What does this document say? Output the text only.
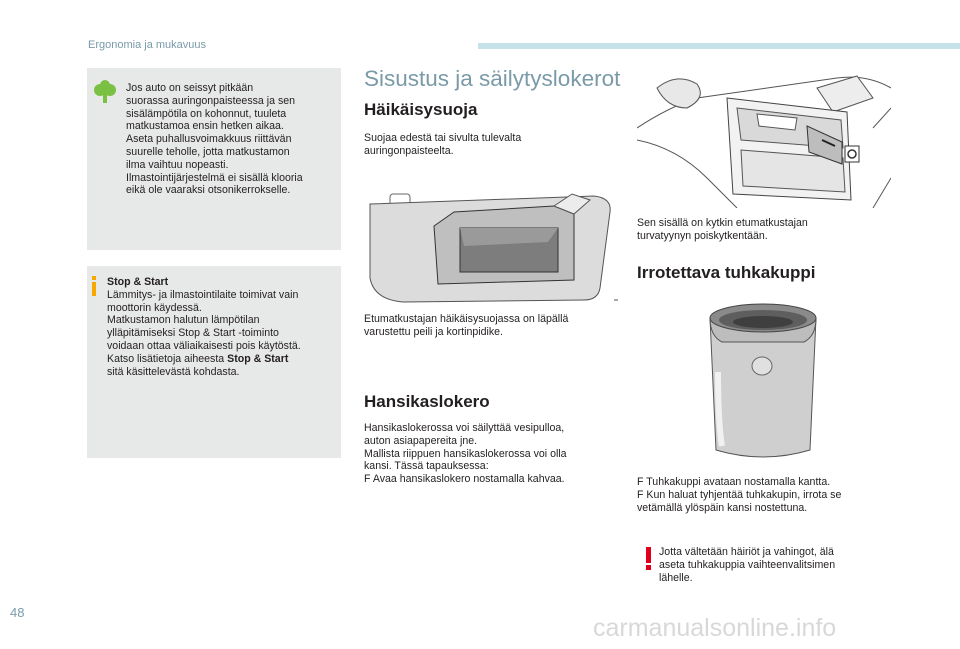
Ergonomia ja mukavuus
Jos auto on seissyt pitkään
suorassa auringonpaisteessa ja sen
sisälämpötila on kohonnut, tuuleta
matkustamoa ensin hetken aikaa.
Aseta puhallusvoimakkuus riittävän
suurelle teholle, jotta matkustamon
ilma vaihtuu nopeasti.
Ilmastointijärjestelmä ei sisällä klooria
eikä ole vaaraksi otsonikerrokselle.
Stop & Start
Lämmitys- ja ilmastointilaite toimivat vain
moottorin käydessä.
Matkustamon halutun lämpötilan
ylläpitämiseksi Stop & Start -toiminto
voidaan ottaa väliaikaisesti pois käytöstä.
Katso lisätietoja aiheesta Stop & Start
sitä käsittelevästä kohdasta.
Sisustus ja säilytyslokerot
Häikäisysuoja
Suojaa edestä tai sivulta tulevalta
auringonpaisteelta.
Etumatkustajan häikäisysuojassa on läpällä
varustettu peili ja kortinpidike.
Hansikaslokero
Hansikaslokerossa voi säilyttää vesipulloa,
auton asiapapereita jne.
Mallista riippuen hansikaslokerossa voi olla
kansi. Tässä tapauksessa:
F Avaa hansikaslokero nostamalla kahvaa.
Sen sisällä on kytkin etumatkustajan
turvatyynyn poiskytkentään.
Irrotettava tuhkakuppi
F Tuhkakuppi avataan nostamalla kantta.
F Kun haluat tyhjentää tuhkakupin, irrota se
vetämällä ylöspäin kansi nostettuna.
Jotta vältetään häiriöt ja vahingot, älä
aseta tuhkakuppia vaihteenvalitsimen
lähelle.
48
carmanualsonline.info
